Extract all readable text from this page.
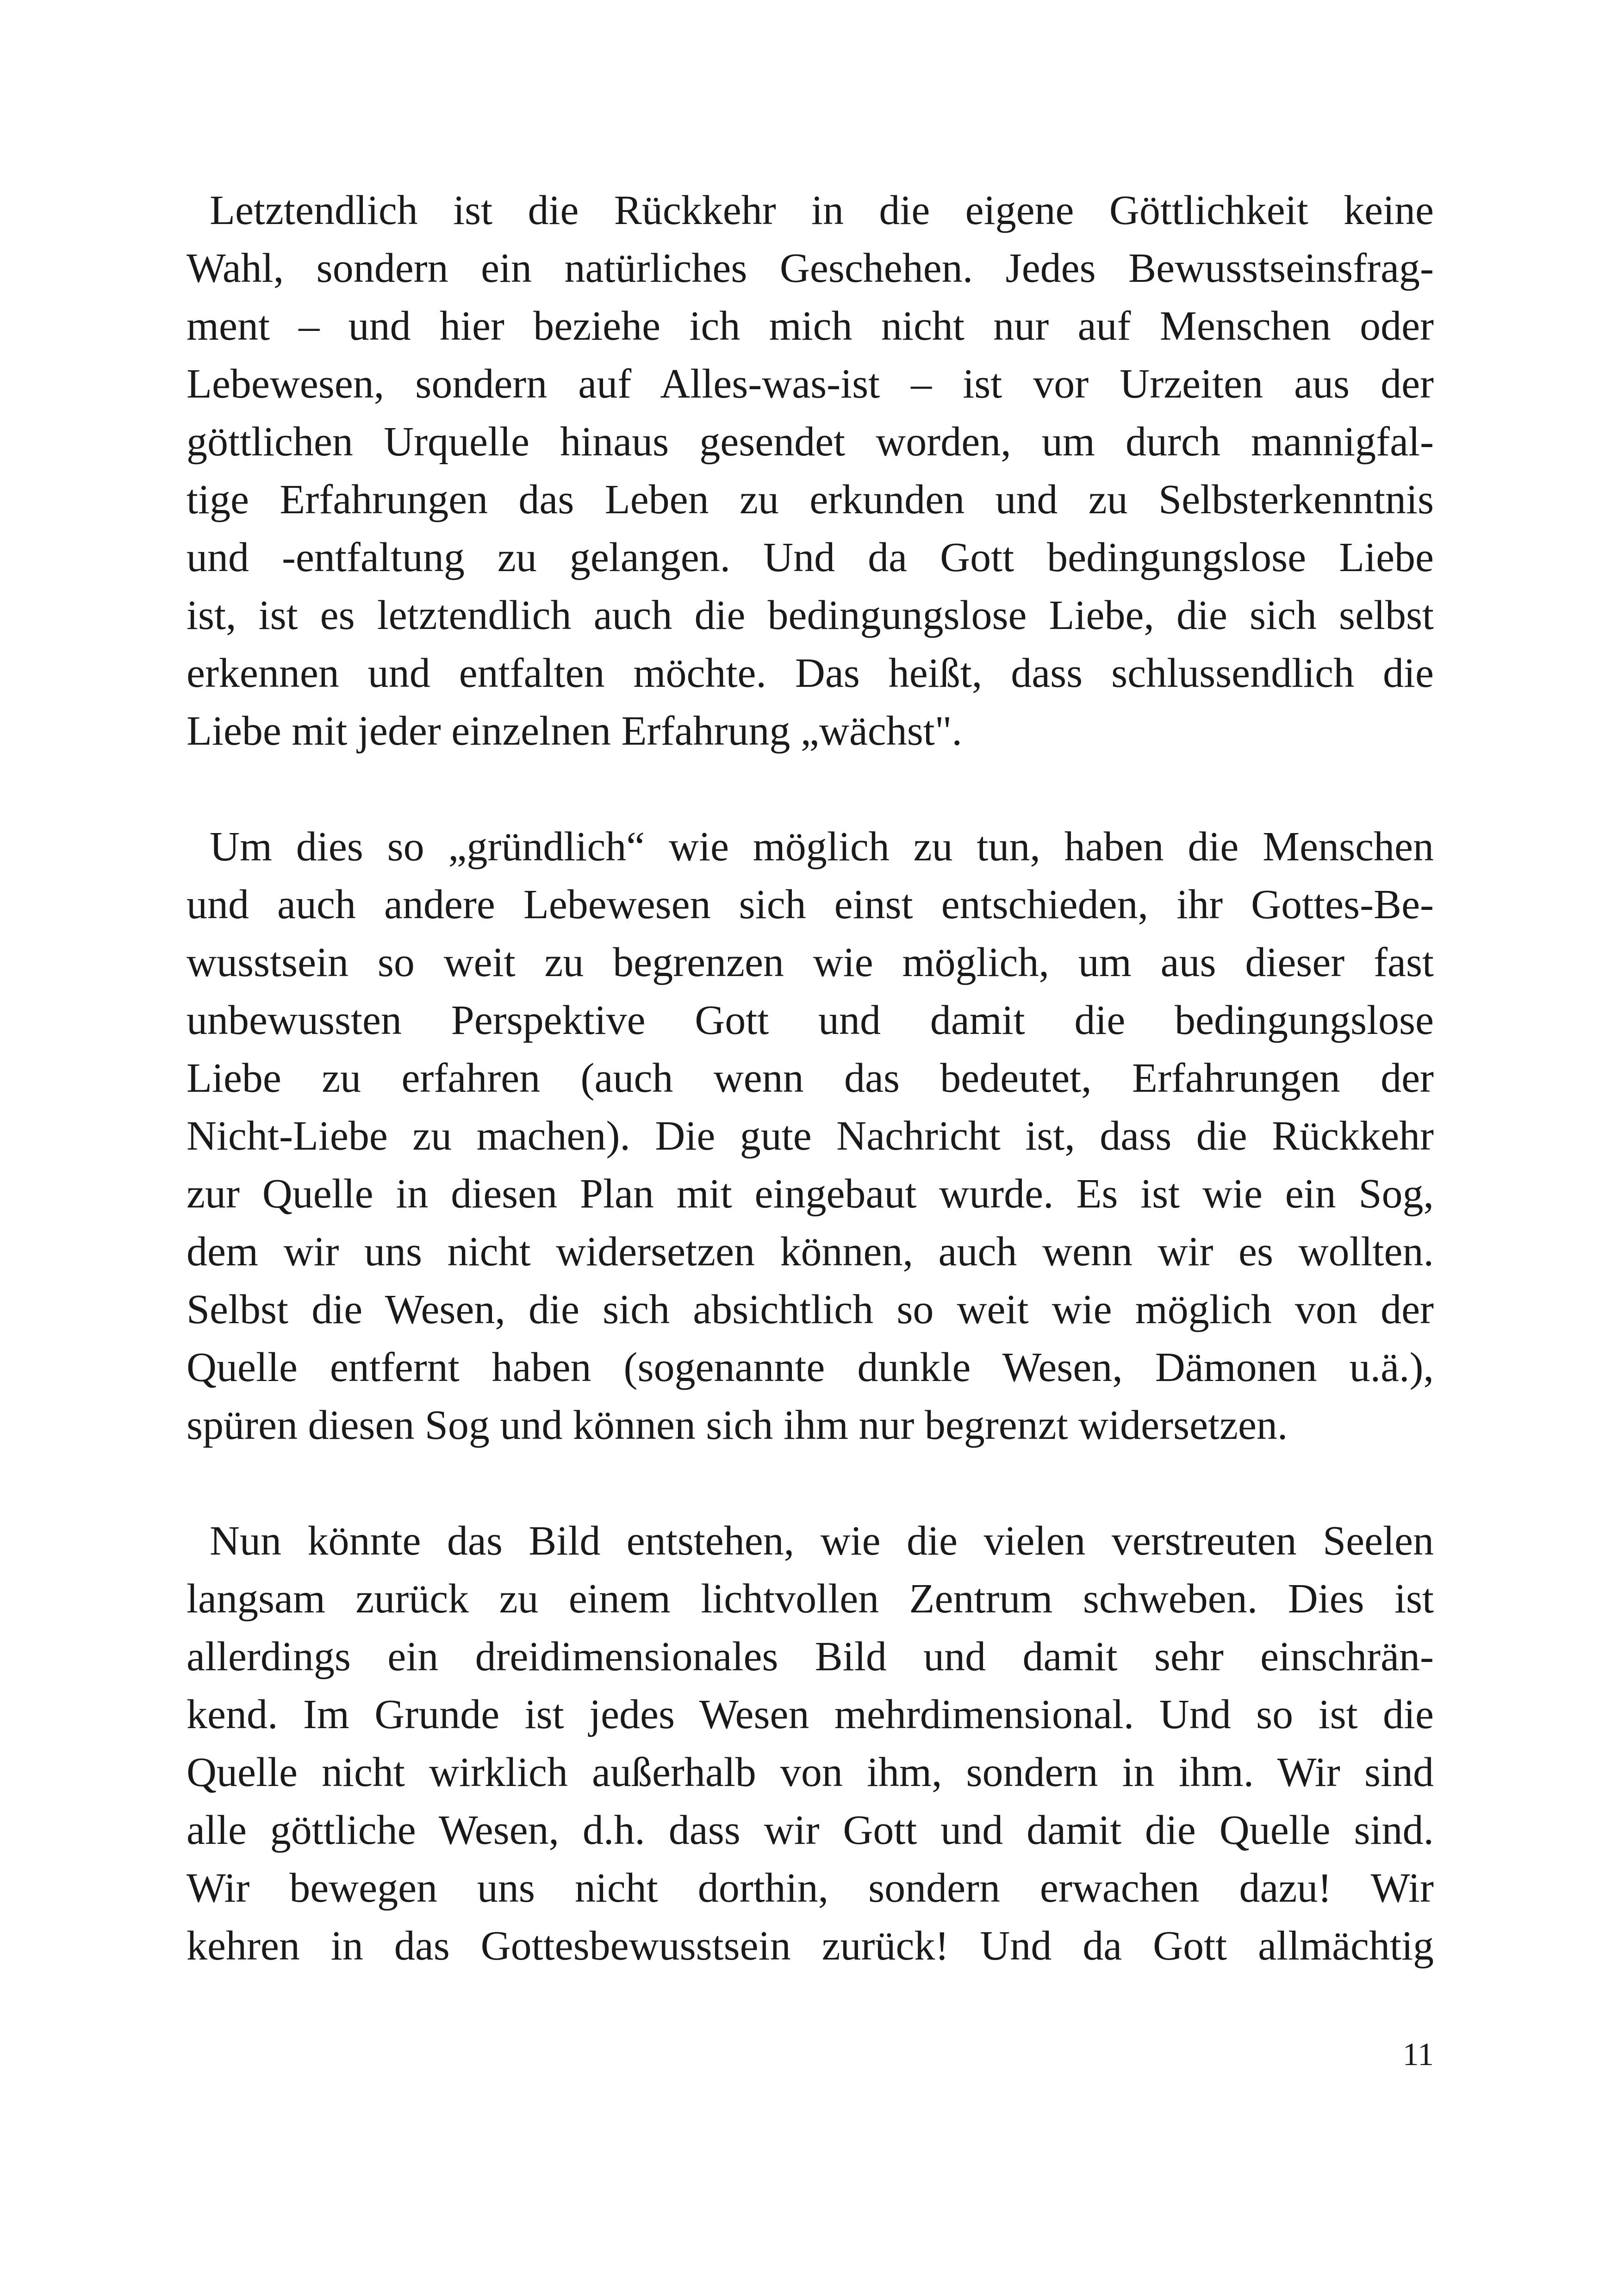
Letztendlich ist die Rückkehr in die eigene Göttlichkeit keine
Wahl, sondern ein natürliches Geschehen. Jedes Bewusstseinsfrag-
ment – und hier beziehe ich mich nicht nur auf Menschen oder
Lebewesen, sondern auf Alles-was-ist – ist vor Urzeiten aus der
göttlichen Urquelle hinaus gesendet worden, um durch mannigfal-
tige Erfahrungen das Leben zu erkunden und zu Selbsterkenntnis
und -entfaltung zu gelangen. Und da Gott bedingungslose Liebe
ist, ist es letztendlich auch die bedingungslose Liebe, die sich selbst
erkennen und entfalten möchte. Das heißt, dass schlussendlich die
Liebe mit jeder einzelnen Erfahrung „wächst".

Um dies so „gründlich“ wie möglich zu tun, haben die Menschen
und auch andere Lebewesen sich einst entschieden, ihr Gottes-Be-
wusstsein so weit zu begrenzen wie möglich, um aus dieser fast
unbewussten Perspektive Gott und damit die bedingungslose
Liebe zu erfahren (auch wenn das bedeutet, Erfahrungen der
Nicht-Liebe zu machen). Die gute Nachricht ist, dass die Rückkehr
zur Quelle in diesen Plan mit eingebaut wurde. Es ist wie ein Sog,
dem wir uns nicht widersetzen können, auch wenn wir es wollten.
Selbst die Wesen, die sich absichtlich so weit wie möglich von der
Quelle entfernt haben (sogenannte dunkle Wesen, Dämonen u.ä.),
spüren diesen Sog und können sich ihm nur begrenzt widersetzen.

Nun könnte das Bild entstehen, wie die vielen verstreuten Seelen
langsam zurück zu einem lichtvollen Zentrum schweben. Dies ist
allerdings ein dreidimensionales Bild und damit sehr einschrän-
kend. Im Grunde ist jedes Wesen mehrdimensional. Und so ist die
Quelle nicht wirklich außerhalb von ihm, sondern in ihm. Wir sind
alle göttliche Wesen, d.h. dass wir Gott und damit die Quelle sind.
Wir bewegen uns nicht dorthin, sondern erwachen dazu! Wir
kehren in das Gottesbewusstsein zurück! Und da Gott allmächtig

11
